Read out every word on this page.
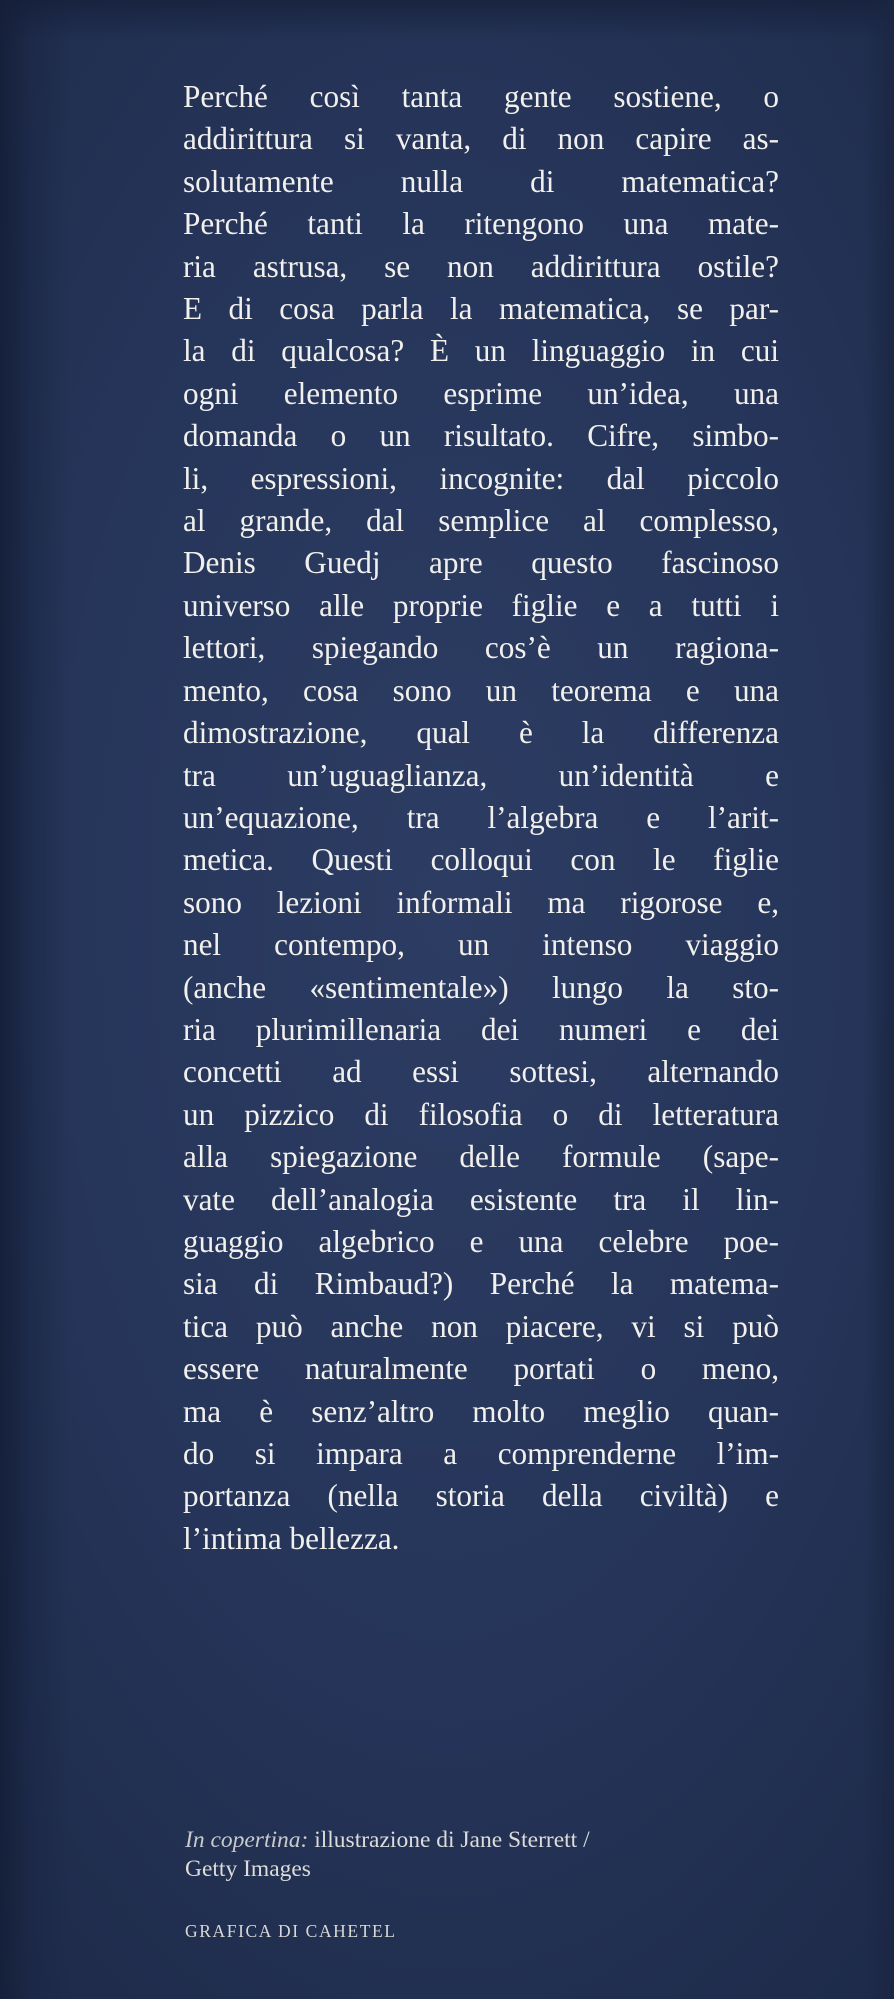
Perché così tanta gente sostiene, o
addirittura si vanta, di non capire as-
solutamente nulla di matematica?
Perché tanti la ritengono una mate-
ria astrusa, se non addirittura ostile?
E di cosa parla la matematica, se par-
la di qualcosa? È un linguaggio in cui
ogni elemento esprime un’idea, una
domanda o un risultato. Cifre, simbo-
li, espressioni, incognite: dal piccolo
al grande, dal semplice al complesso,
Denis Guedj apre questo fascinoso
universo alle proprie figlie e a tutti i
lettori, spiegando cos’è un ragiona-
mento, cosa sono un teorema e una
dimostrazione, qual è la differenza
tra un’uguaglianza, un’identità e
un’equazione, tra l’algebra e l’arit-
metica. Questi colloqui con le figlie
sono lezioni informali ma rigorose e,
nel contempo, un intenso viaggio
(anche «sentimentale») lungo la sto-
ria plurimillenaria dei numeri e dei
concetti ad essi sottesi, alternando
un pizzico di filosofia o di letteratura
alla spiegazione delle formule (sape-
vate dell’analogia esistente tra il lin-
guaggio algebrico e una celebre poe-
sia di Rimbaud?) Perché la matema-
tica può anche non piacere, vi si può
essere naturalmente portati o meno,
ma è senz’altro molto meglio quan-
do si impara a comprenderne l’im-
portanza (nella storia della civiltà) e
l’intima bellezza.

In copertina: illustrazione di Jane Sterrett /
Getty Images

GRAFICA DI CAHETEL
